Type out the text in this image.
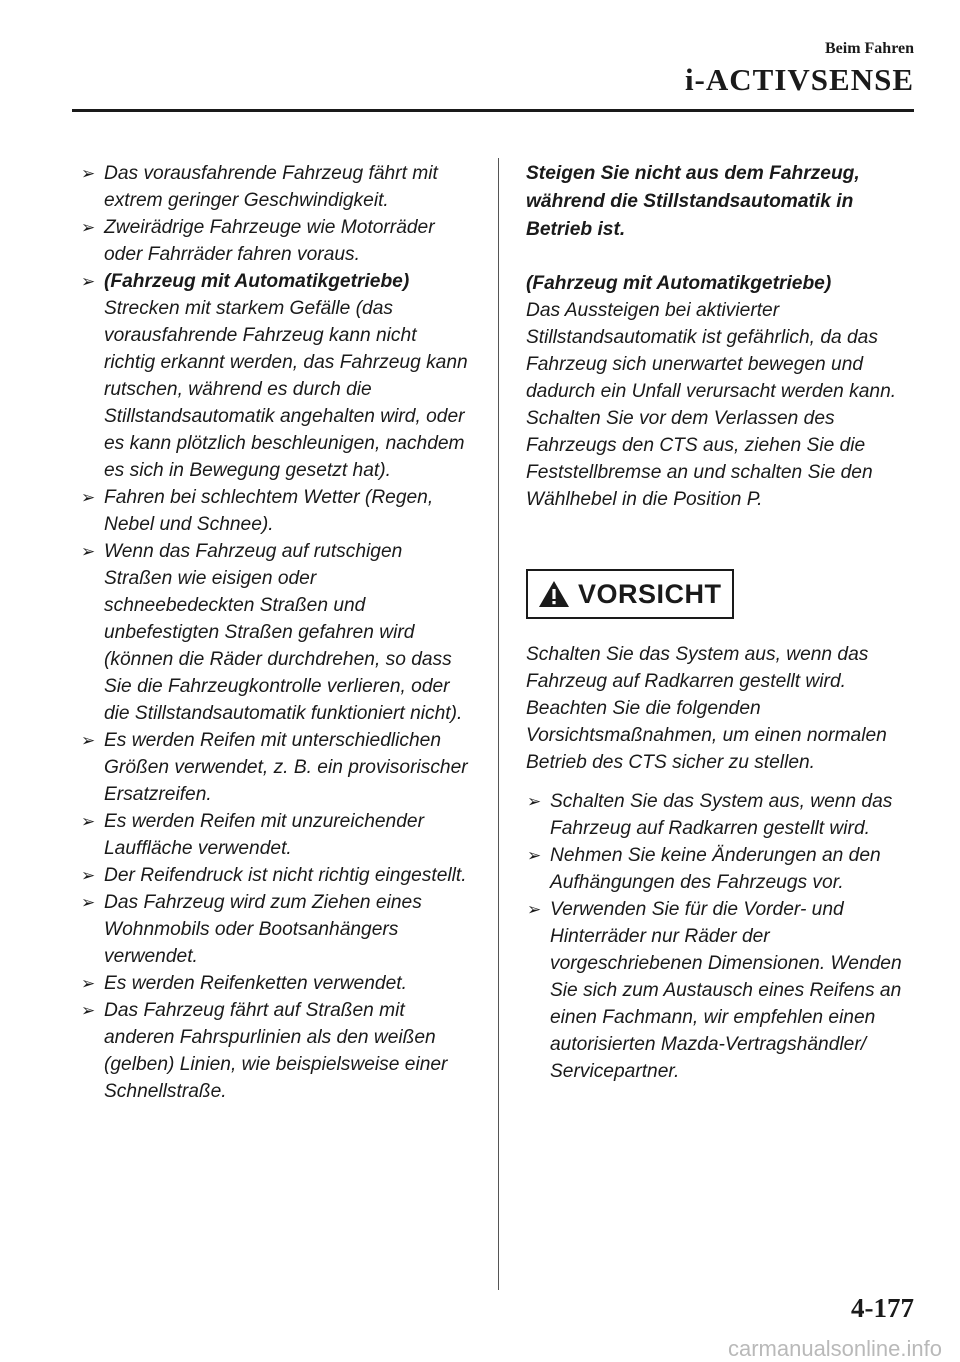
Beim Fahren
i-ACTIVSENSE
➢ Das vorausfahrende Fahrzeug fährt mit extrem geringer Geschwindigkeit.
➢ Zweirädrige Fahrzeuge wie Motorräder oder Fahrräder fahren voraus.
➢ (Fahrzeug mit Automatikgetriebe)
Strecken mit starkem Gefälle (das vorausfahrende Fahrzeug kann nicht richtig erkannt werden, das Fahrzeug kann rutschen, während es durch die Stillstandsautomatik angehalten wird, oder es kann plötzlich beschleunigen, nachdem es sich in Bewegung gesetzt hat).
➢ Fahren bei schlechtem Wetter (Regen, Nebel und Schnee).
➢ Wenn das Fahrzeug auf rutschigen Straßen wie eisigen oder schneebedeckten Straßen und unbefestigten Straßen gefahren wird (können die Räder durchdrehen, so dass Sie die Fahrzeugkontrolle verlieren, oder die Stillstandsautomatik funktioniert nicht).
➢ Es werden Reifen mit unterschiedlichen Größen verwendet, z. B. ein provisorischer Ersatzreifen.
➢ Es werden Reifen mit unzureichender Lauffläche verwendet.
➢ Der Reifendruck ist nicht richtig eingestellt.
➢ Das Fahrzeug wird zum Ziehen eines Wohnmobils oder Bootsanhängers verwendet.
➢ Es werden Reifenketten verwendet.
➢ Das Fahrzeug fährt auf Straßen mit anderen Fahrspurlinien als den weißen (gelben) Linien, wie beispielsweise einer Schnellstraße.
Steigen Sie nicht aus dem Fahrzeug, während die Stillstandsautomatik in Betrieb ist.
(Fahrzeug mit Automatikgetriebe)
Das Aussteigen bei aktivierter Stillstandsautomatik ist gefährlich, da das Fahrzeug sich unerwartet bewegen und dadurch ein Unfall verursacht werden kann. Schalten Sie vor dem Verlassen des Fahrzeugs den CTS aus, ziehen Sie die Feststellbremse an und schalten Sie den Wählhebel in die Position P.
VORSICHT
Schalten Sie das System aus, wenn das Fahrzeug auf Radkarren gestellt wird. Beachten Sie die folgenden Vorsichtsmaßnahmen, um einen normalen Betrieb des CTS sicher zu stellen.
➢ Schalten Sie das System aus, wenn das Fahrzeug auf Radkarren gestellt wird.
➢ Nehmen Sie keine Änderungen an den Aufhängungen des Fahrzeugs vor.
➢ Verwenden Sie für die Vorder- und Hinterräder nur Räder der vorgeschriebenen Dimensionen. Wenden Sie sich zum Austausch eines Reifens an einen Fachmann, wir empfehlen einen autorisierten Mazda-Vertragshändler/ Servicepartner.
4-177
carmanualsonline.info
